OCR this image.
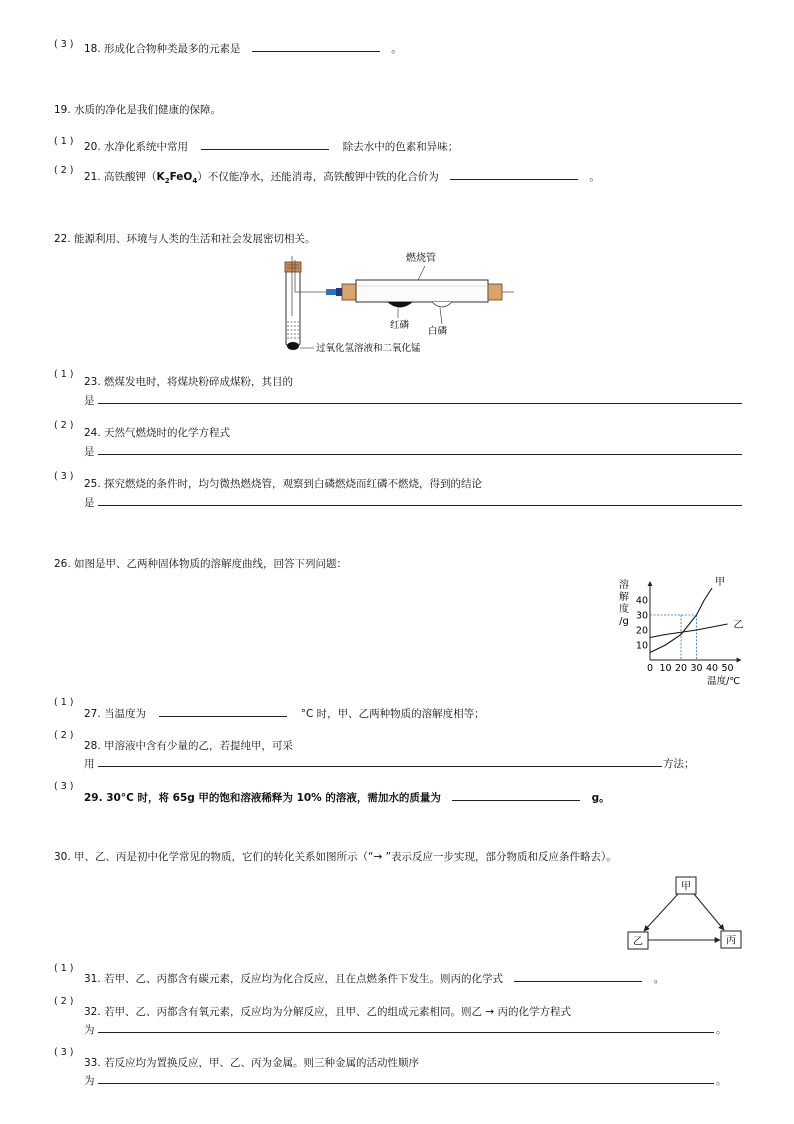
( 3 ) 18. 形成化合物种类最多的元素是	。
19. 水质的净化是我们健康的保障。
( 1 ) 20. 水净化系统中常用	除去水中的色素和异味；
( 2 )
21. 高铁酸钾$(K_2FeO_4)$不仅能净水，还能消毒，高铁酸钾中铁的化合价为	。
22. 能源利用、环境与人类的生活和社会发展密切相关。
燃烧管
红磷
白磷
过氧化氢溶液和二氧化锰
( 1 )
23. 燃煤发电时，将煤块粉碎成煤粉，其目的
是
( 2 )
24. 天然气燃烧时的化学方程式
是
( 3 )
25. 探究燃烧的条件时，均匀微热燃烧管，观察到白磷燃烧而红磷不燃烧，得到的结论
是
26. 如图是甲、乙两种固体物质的溶解度曲线，回答下列问题：
10
20
30
40
0 10 20 30 40 50
溶
解
度
/g
温度/℃
甲
乙
( 1 )
27. 当温度为	°C 时，甲、乙两种物质的溶解度相等；
( 2 )
28. 甲溶液中含有少量的乙，若提纯甲，可采
用	方法；
( 3 )
29. 30°C 时，将 65g 甲的饱和溶液稀释为 10% 的溶液，需加水的质量为	g。
30. 甲、乙、丙是初中化学常见的物质，它们的转化关系如图所示（“→ ”表示反应一步实现，部分物质和反应条件略去）。
甲
乙	丙
( 1 )
31. 若甲、乙、丙都含有碳元素，反应均为化合反应，且在点燃条件下发生。则丙的化学式	。
( 2 )
32. 若甲、乙、丙都含有氧元素，反应均为分解反应，且甲、乙的组成元素相同。则乙 → 丙的化学方程式
为	。
( 3 )
33. 若反应均为置换反应，甲、乙、丙为金属。则三种金属的活动性顺序
为	。
